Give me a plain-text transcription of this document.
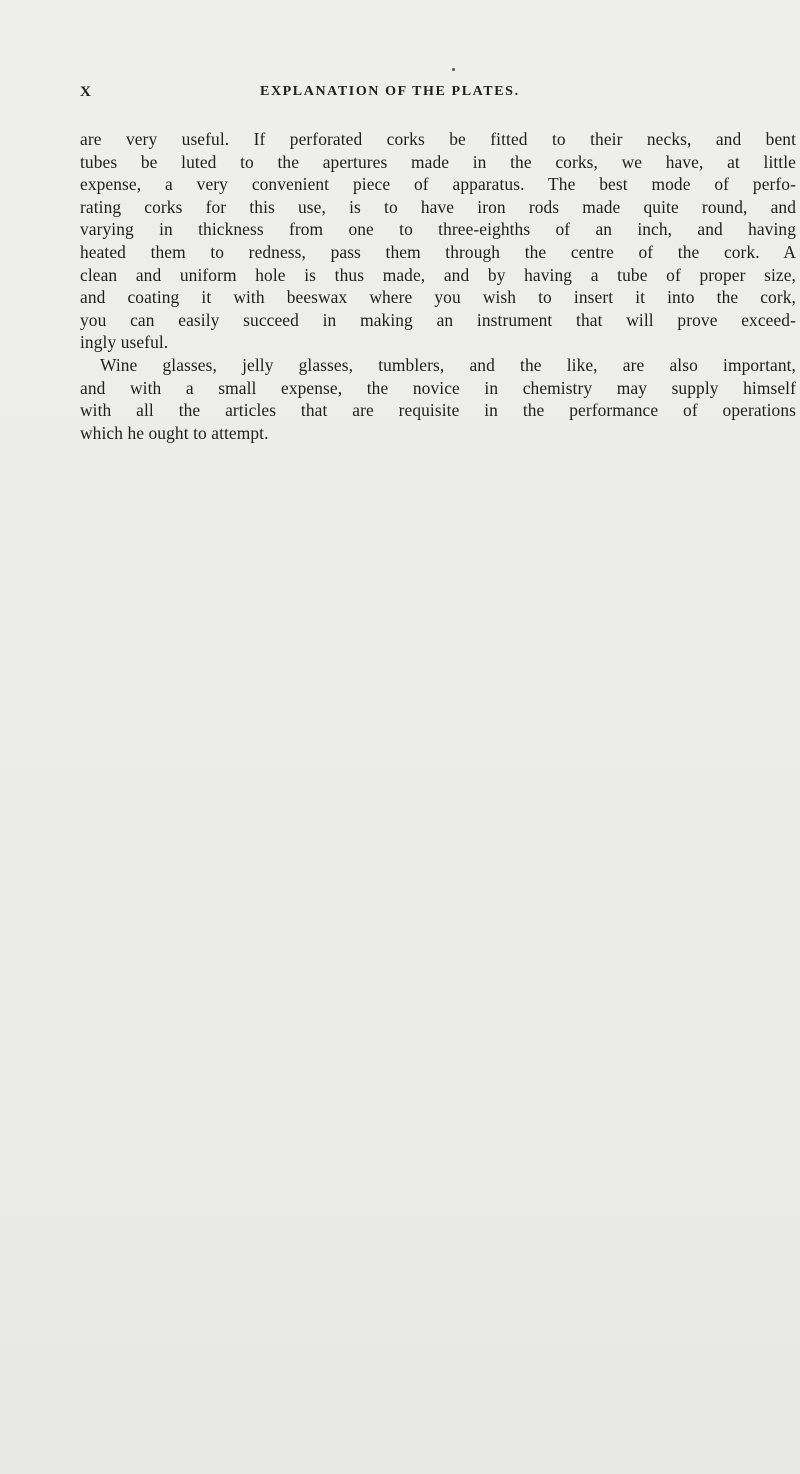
X	EXPLANATION OF THE PLATES.
are very useful. If perforated corks be fitted to their necks, and bent
tubes be luted to the apertures made in the corks, we have, at little
expense, a very convenient piece of apparatus. The best mode of perfo-
rating corks for this use, is to have iron rods made quite round, and
varying in thickness from one to three-eighths of an inch, and having
heated them to redness, pass them through the centre of the cork. A
clean and uniform hole is thus made, and by having a tube of proper size,
and coating it with beeswax where you wish to insert it into the cork,
you can easily succeed in making an instrument that will prove exceed-
ingly useful.
Wine glasses, jelly glasses, tumblers, and the like, are also important,
and with a small expense, the novice in chemistry may supply himself
with all the articles that are requisite in the performance of operations
which he ought to attempt.
